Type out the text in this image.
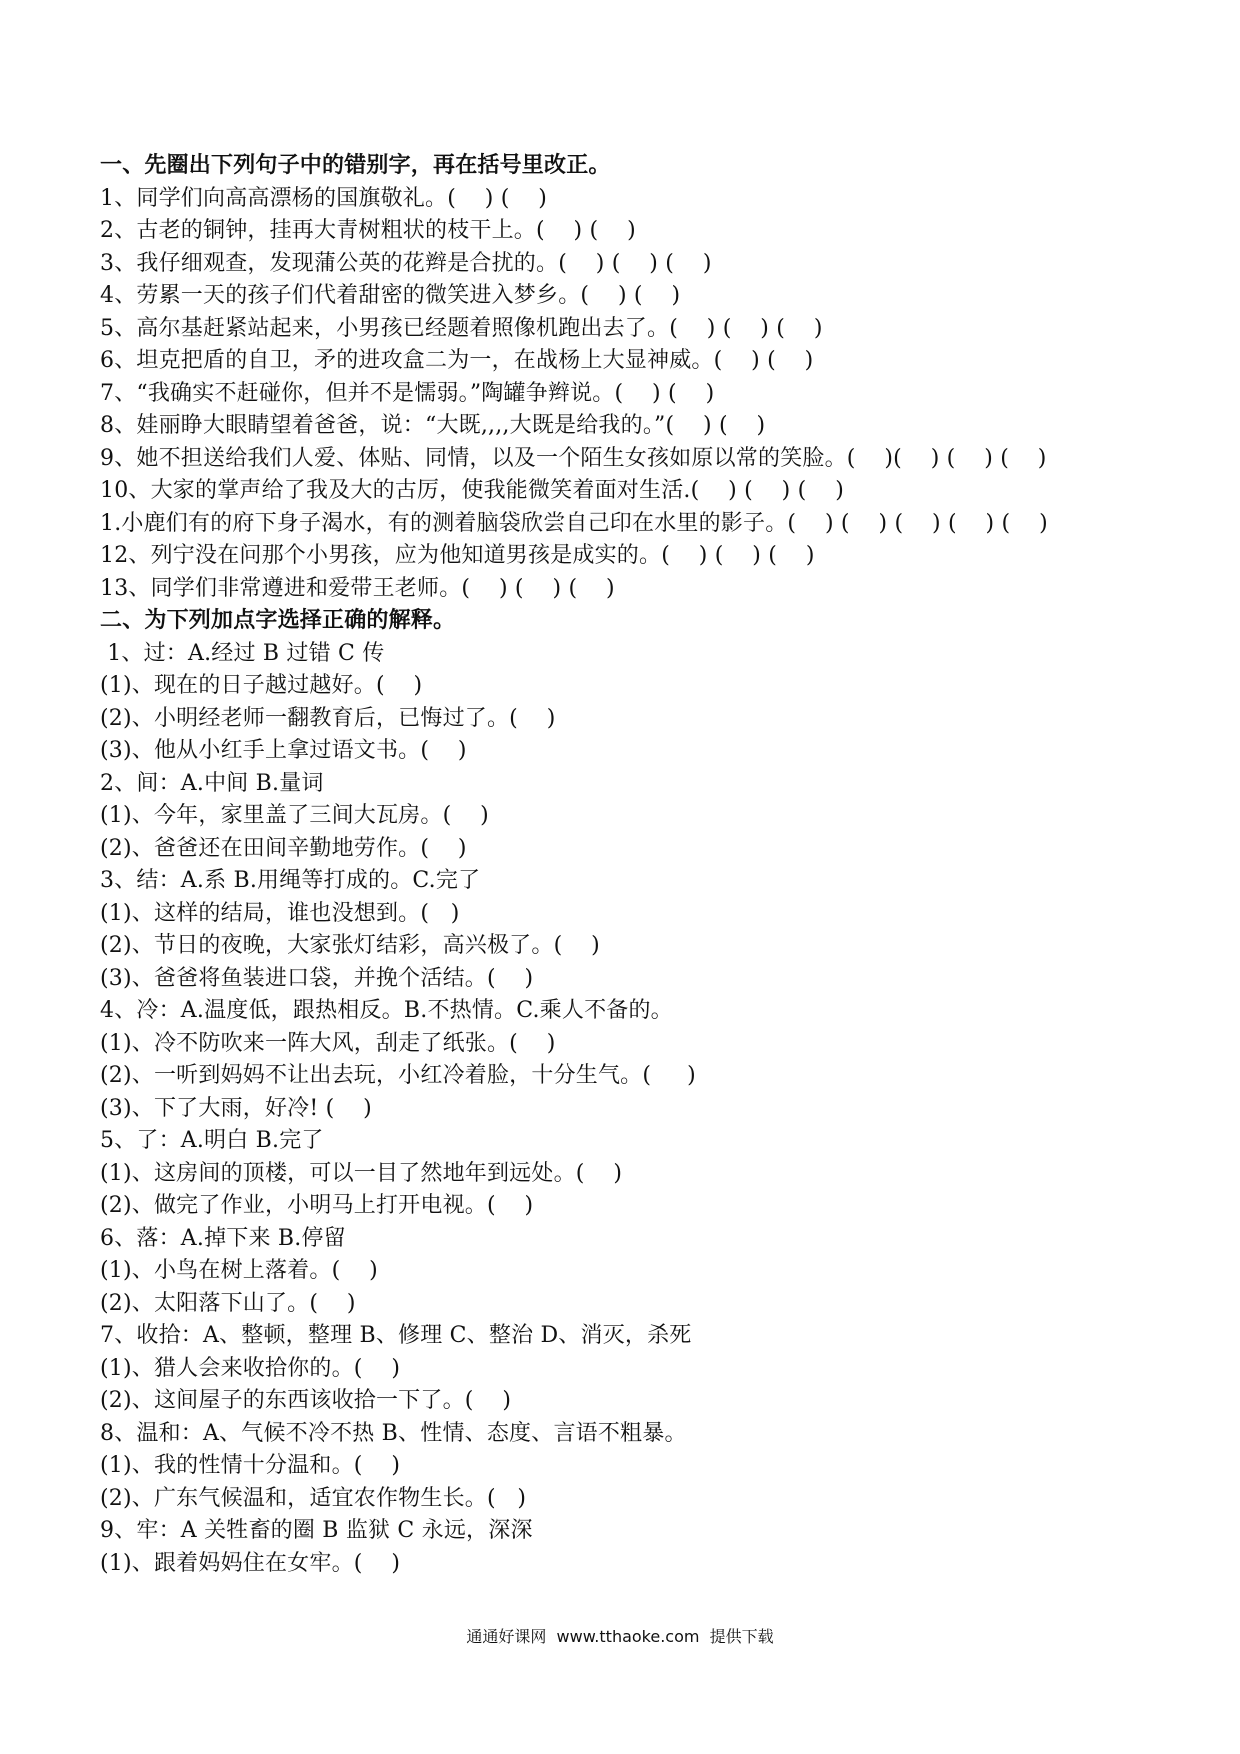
一、先圈出下列句子中的错别字，再在括号里改正。
1、同学们向高高漂杨的国旗敬礼。(    ) (    )
2、古老的铜钟，挂再大青树粗状的枝干上。(    ) (    )
3、我仔细观查，发现蒲公英的花辫是合扰的。(    ) (    ) (    )
4、劳累一天的孩子们代着甜密的微笑进入梦乡。(    ) (    )
5、高尔基赶紧站起来，小男孩已经题着照像机跑出去了。(    ) (    ) (    )
6、坦克把盾的自卫，矛的进攻盒二为一，在战杨上大显神威。(    ) (    )
7、“我确实不赶碰你，但并不是懦弱。”陶罐争辫说。(    ) (    )
8、娃丽睁大眼睛望着爸爸，说：“大既,,,,大既是给我的。”(    ) (    )
9、她不担送给我们人爱、体贴、同情，以及一个陌生女孩如原以常的笑脸。(    )(    ) (    ) (    )
10、大家的掌声给了我及大的古厉，使我能微笑着面对生活.(    ) (    ) (    )
1.小鹿们有的府下身子渴水，有的测着脑袋欣尝自己印在水里的影子。(    ) (    ) (    ) (    ) (    )
12、列宁没在问那个小男孩，应为他知道男孩是成实的。(    ) (    ) (    )
13、同学们非常遵进和爱带王老师。(    ) (    ) (    )
二、为下列加点字选择正确的解释。
1、过：A.经过 B 过错 C 传
(1)、现在的日子越过越好。(    )
(2)、小明经老师一翻教育后，已悔过了。(    )
(3)、他从小红手上拿过语文书。(    )
2、间：A.中间 B.量词
(1)、今年，家里盖了三间大瓦房。(    )
(2)、爸爸还在田间辛勤地劳作。(    )
3、结：A.系 B.用绳等打成的。C.完了
(1)、这样的结局，谁也没想到。(   )
(2)、节日的夜晚，大家张灯结彩，高兴极了。(    )
(3)、爸爸将鱼装进口袋，并挽个活结。(    )
4、冷：A.温度低，跟热相反。B.不热情。C.乘人不备的。
(1)、冷不防吹来一阵大风，刮走了纸张。(    )
(2)、一听到妈妈不让出去玩，小红冷着脸，十分生气。(     )
(3)、下了大雨，好冷! (    )
5、了：A.明白 B.完了
(1)、这房间的顶楼，可以一目了然地年到远处。(    )
(2)、做完了作业，小明马上打开电视。(    )
6、落：A.掉下来 B.停留
(1)、小鸟在树上落着。(    )
(2)、太阳落下山了。(    )
7、收拾：A、整顿，整理 B、修理 C、整治 D、消灭，杀死
(1)、猎人会来收拾你的。(    )
(2)、这间屋子的东西该收拾一下了。(    )
8、温和：A、气候不冷不热 B、性情、态度、言语不粗暴。
(1)、我的性情十分温和。(    )
(2)、广东气候温和，适宜农作物生长。(   )
9、牢：A 关牲畜的圈 B 监狱 C 永远，深深
(1)、跟着妈妈住在女牢。(    )
通通好课网  www.tthaoke.com  提供下载
